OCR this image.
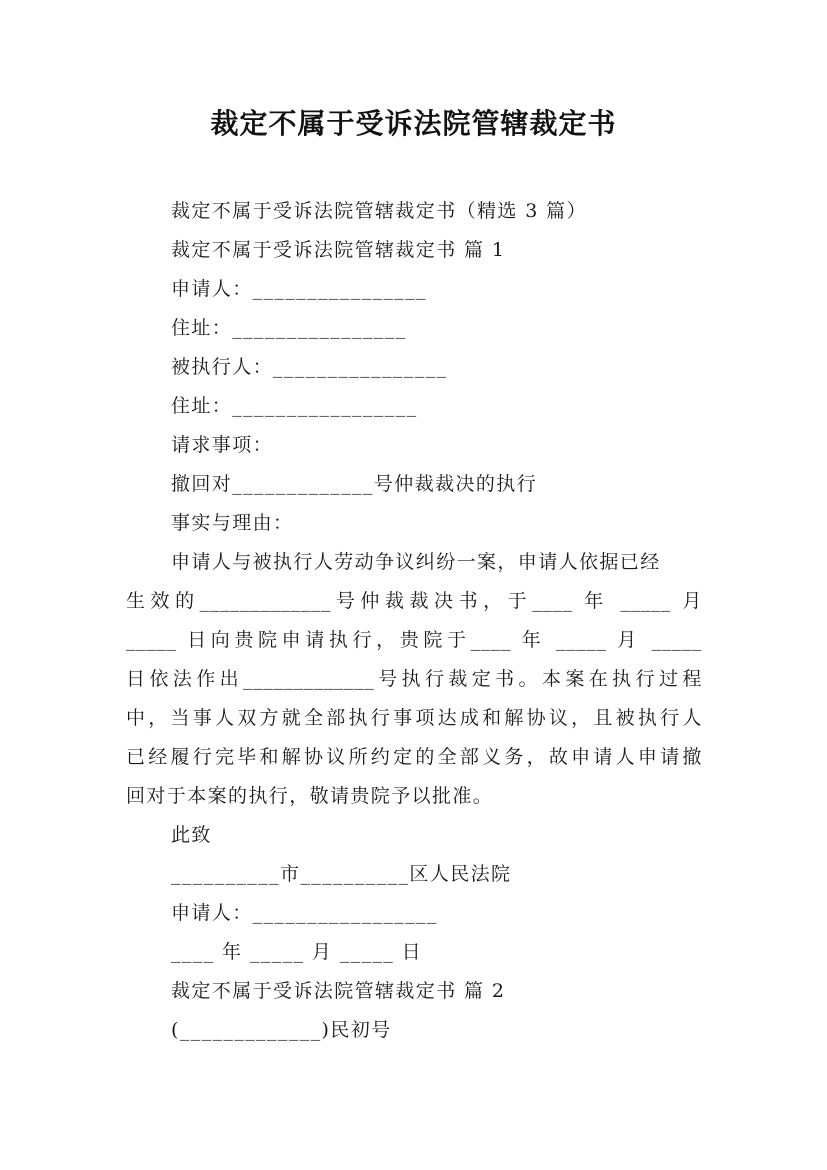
裁定不属于受诉法院管辖裁定书
裁定不属于受诉法院管辖裁定书（精选 3 篇）
裁定不属于受诉法院管辖裁定书 篇 1
申请人：________________
住址：________________
被执行人：________________
住址：_________________
请求事项：
撤回对_____________号仲裁裁决的执行
事实与理由：
申请人与被执行人劳动争议纠纷一案，申请人依据已经
生效的_____________号仲裁裁决书，于____ 年 _____ 月
_____ 日向贵院申请执行，贵院于____ 年 _____ 月 _____
日依法作出_____________号执行裁定书。本案在执行过程
中，当事人双方就全部执行事项达成和解协议，且被执行人
已经履行完毕和解协议所约定的全部义务，故申请人申请撤
回对于本案的执行，敬请贵院予以批准。
此致
__________市__________区人民法院
申请人：_________________
____ 年 _____ 月 _____ 日
裁定不属于受诉法院管辖裁定书 篇 2
(_____________)民初号
